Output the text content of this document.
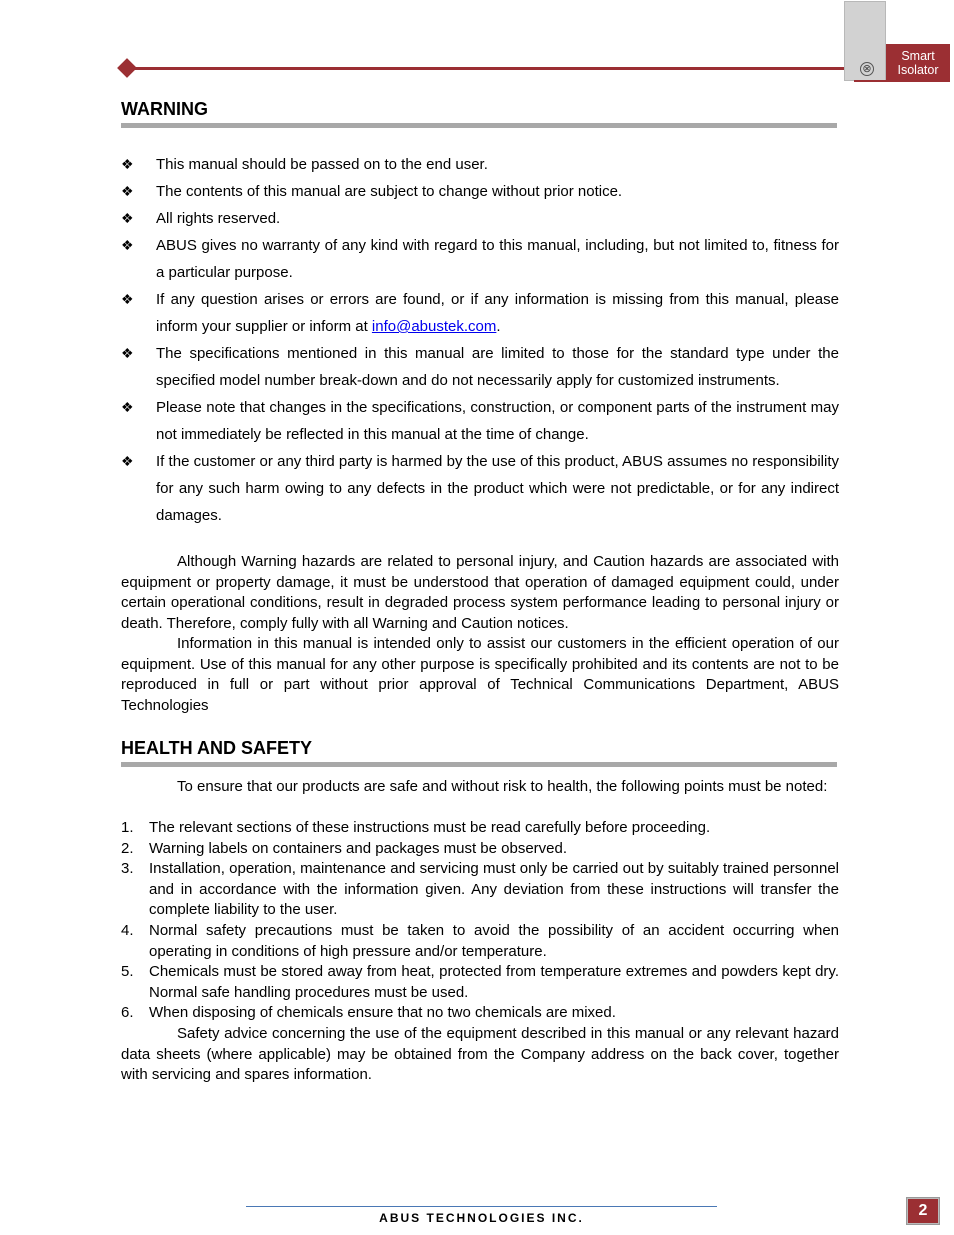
⊗
Smart
Isolator
WARNING
❖ This manual should be passed on to the end user.
❖ The contents of this manual are subject to change without prior notice.
❖ All rights reserved.
❖ ABUS gives no warranty of any kind with regard to this manual, including, but not limited to, fitness for a particular purpose.
❖ If any question arises or errors are found, or if any information is missing from this manual, please inform your supplier or inform at info@abustek.com.
❖ The specifications mentioned in this manual are limited to those for the standard type under the specified model number break-down and do not necessarily apply for customized instruments.
❖ Please note that changes in the specifications, construction, or component parts of the instrument may not immediately be reflected in this manual at the time of change.
❖ If the customer or any third party is harmed by the use of this product, ABUS assumes no responsibility for any such harm owing to any defects in the product which were not predictable, or for any indirect damages.

Although Warning hazards are related to personal injury, and Caution hazards are associated with equipment or property damage, it must be understood that operation of damaged equipment could, under certain operational conditions, result in degraded process system performance leading to personal injury or death. Therefore, comply fully with all Warning and Caution notices.

Information in this manual is intended only to assist our customers in the efficient operation of our equipment. Use of this manual for any other purpose is specifically prohibited and its contents are not to be reproduced in full or part without prior approval of Technical Communications Department, ABUS Technologies

HEALTH AND SAFETY

To ensure that our products are safe and without risk to health, the following points must be noted:

1. The relevant sections of these instructions must be read carefully before proceeding.
2. Warning labels on containers and packages must be observed.
3. Installation, operation, maintenance and servicing must only be carried out by suitably trained personnel and in accordance with the information given. Any deviation from these instructions will transfer the complete liability to the user.
4. Normal safety precautions must be taken to avoid the possibility of an accident occurring when operating in conditions of high pressure and/or temperature.
5. Chemicals must be stored away from heat, protected from temperature extremes and powders kept dry. Normal safe handling procedures must be used.
6. When disposing of chemicals ensure that no two chemicals are mixed.

Safety advice concerning the use of the equipment described in this manual or any relevant hazard data sheets (where applicable) may be obtained from the Company address on the back cover, together with servicing and spares information.

ABUS TECHNOLOGIES INC.	2
